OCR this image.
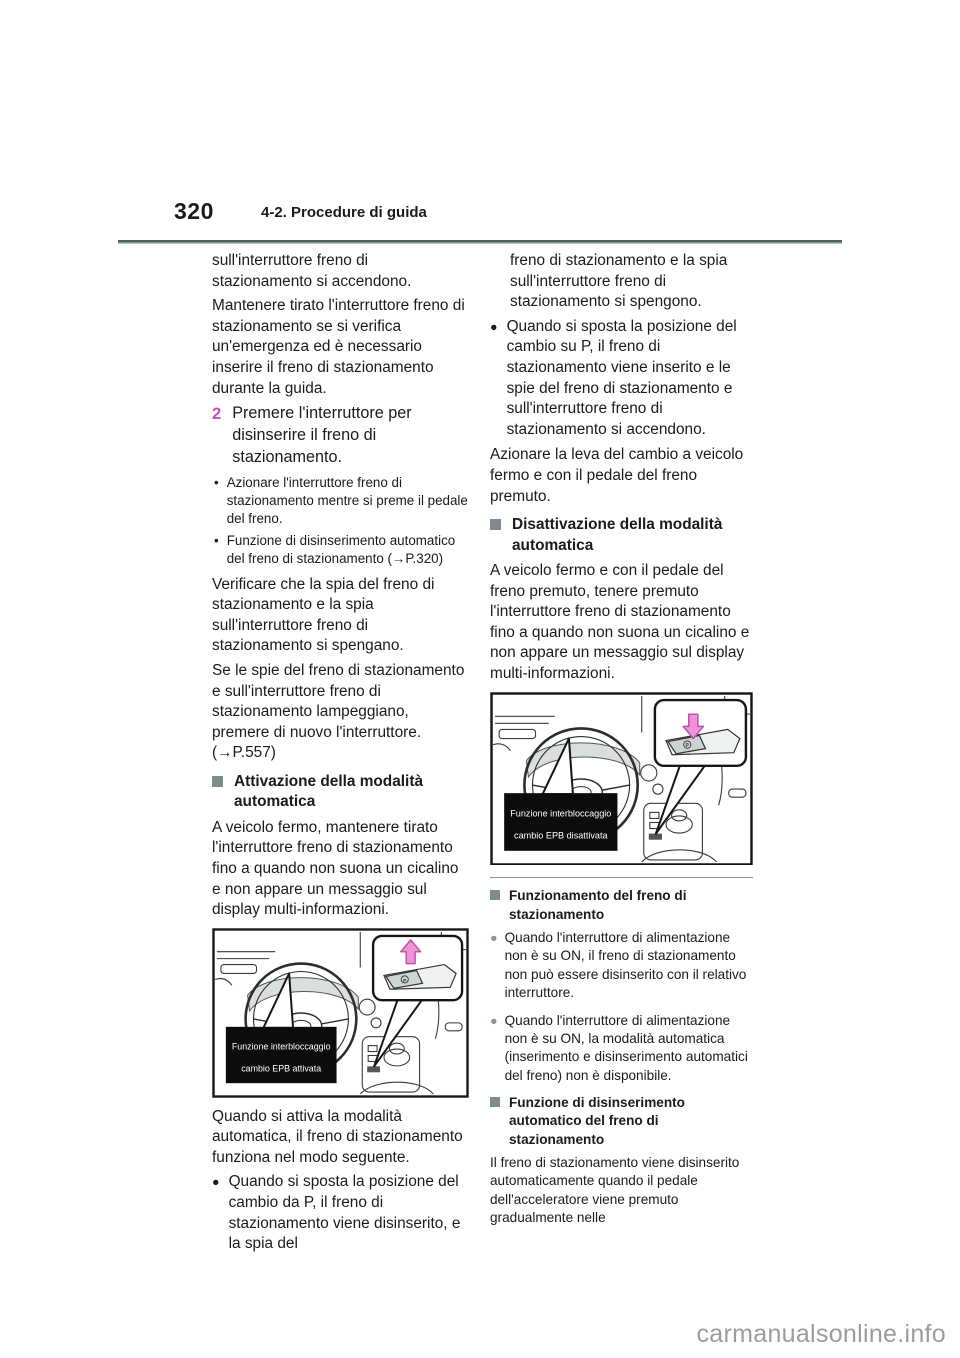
320	4-2. Procedure di guida

sull'interruttore freno di stazionamento si accendono.

Mantenere tirato l'interruttore freno di stazionamento se si verifica un'emergenza ed è necessario inserire il freno di stazionamento durante la guida.

2 Premere l'interruttore per disinserire il freno di stazionamento.
• Azionare l'interruttore freno di stazionamento mentre si preme il pedale del freno.
• Funzione di disinserimento automatico del freno di stazionamento (→P.320)

Verificare che la spia del freno di stazionamento e la spia sull'interruttore freno di stazionamento si spengano.

Se le spie del freno di stazionamento e sull'interruttore freno di stazionamento lampeggiano, premere di nuovo l'interruttore. (→P.557)

Attivazione della modalità automatica

A veicolo fermo, mantenere tirato l'interruttore freno di stazionamento fino a quando non suona un cicalino e non appare un messaggio sul display multi-informazioni.

Funzione interbloccaggio
cambio EPB attivata
P

Quando si attiva la modalità automatica, il freno di stazionamento funziona nel modo seguente.

● Quando si sposta la posizione del cambio da P, il freno di stazionamento viene disinserito, e la spia del

freno di stazionamento e la spia sull'interruttore freno di stazionamento si spengono.

● Quando si sposta la posizione del cambio su P, il freno di stazionamento viene inserito e le spie del freno di stazionamento e sull'interruttore freno di stazionamento si accendono.

Azionare la leva del cambio a veicolo fermo e con il pedale del freno premuto.

Disattivazione della modalità automatica

A veicolo fermo e con il pedale del freno premuto, tenere premuto l'interruttore freno di stazionamento fino a quando non suona un cicalino e non appare un messaggio sul display multi-informazioni.

Funzione interbloccaggio
cambio EPB disattivata
P
Funzionamento del freno di stazionamento
● Quando l'interruttore di alimentazione non è su ON, il freno di stazionamento non può essere disinserito con il relativo interruttore.
● Quando l'interruttore di alimentazione non è su ON, la modalità automatica (inserimento e disinserimento automatici del freno) non è disponibile.
Funzione di disinserimento automatico del freno di stazionamento

Il freno di stazionamento viene disinserito automaticamente quando il pedale dell'acceleratore viene premuto gradualmente nelle

carmanualsonline.info
